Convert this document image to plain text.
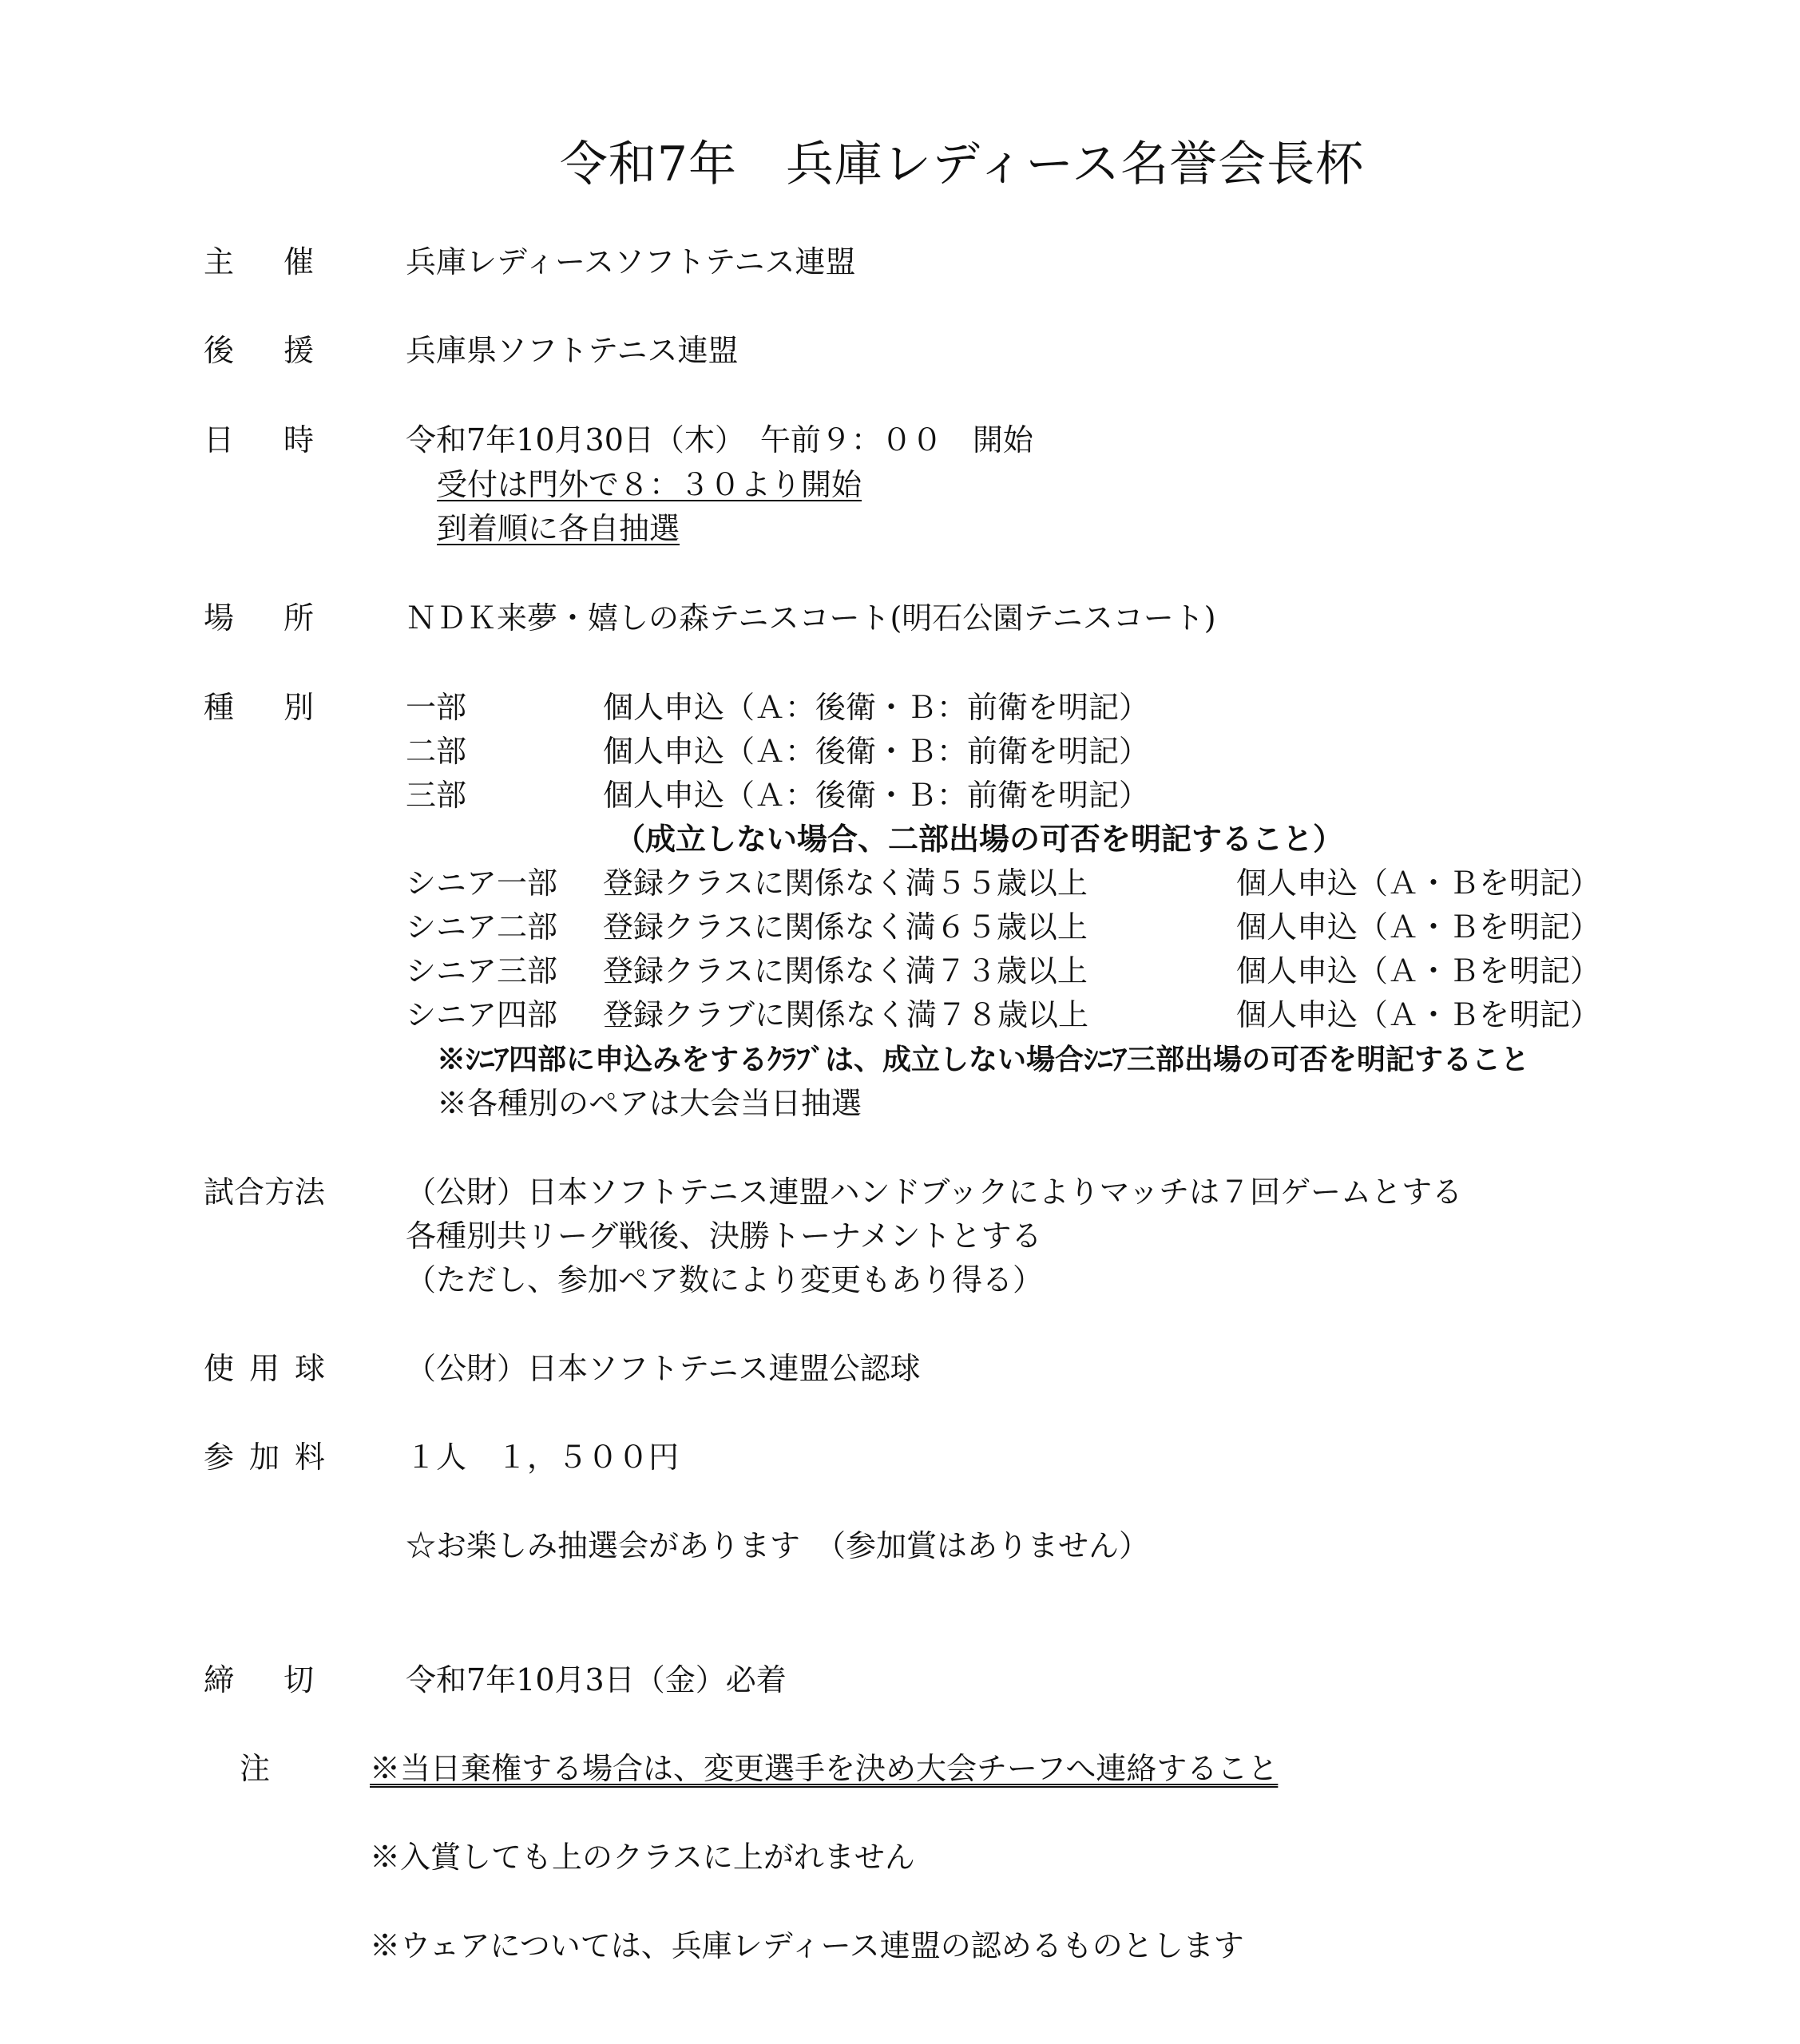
令和7年　兵庫レディース名誉会長杯
主催 兵庫レディースソフトテニス連盟
後援 兵庫県ソフトテニス連盟
日時 令和7年10月30日（木）　午前９：００　開始
受付は門外で８：３０より開始
到着順に各自抽選
場所 ＮＤＫ来夢・嬉しの森テニスコート(明石公園テニスコート)
種別 一部	個人申込（Ａ：後衛・Ｂ：前衛を明記）
二部	個人申込（Ａ：後衛・Ｂ：前衛を明記）
三部	個人申込（Ａ：後衛・Ｂ：前衛を明記）
（成立しない場合、二部出場の可否を明記すること）
シニア一部 登録クラスに関係なく満５５歳以上	個人申込（Ａ・Ｂを明記）
シニア二部 登録クラスに関係なく満６５歳以上	個人申込（Ａ・Ｂを明記）
シニア三部 登録クラスに関係なく満７３歳以上	個人申込（Ａ・Ｂを明記）
シニア四部 登録クラブに関係なく満７８歳以上	個人申込（Ａ・Ｂを明記）
※ｼﾆｱ四部に申込みをするｸﾗﾌﾞは、成立しない場合ｼﾆｱ三部出場の可否を明記すること
※各種別のペアは大会当日抽選
試合方法	（公財）日本ソフトテニス連盟ハンドブックによりマッチは７回ゲームとする
各種別共リーグ戦後、決勝トーナメントとする
（ただし、参加ペア数により変更もあり得る）
使用球 （公財）日本ソフトテニス連盟公認球
参加料 １人　１，５００円
☆お楽しみ抽選会があります　（参加賞はありません）
締切 令和7年10月3日（金）必着
注	※当日棄権する場合は、変更選手を決め大会チーフへ連絡すること
※入賞しても上のクラスに上がれません
※ウェアについては、兵庫レディース連盟の認めるものとします
